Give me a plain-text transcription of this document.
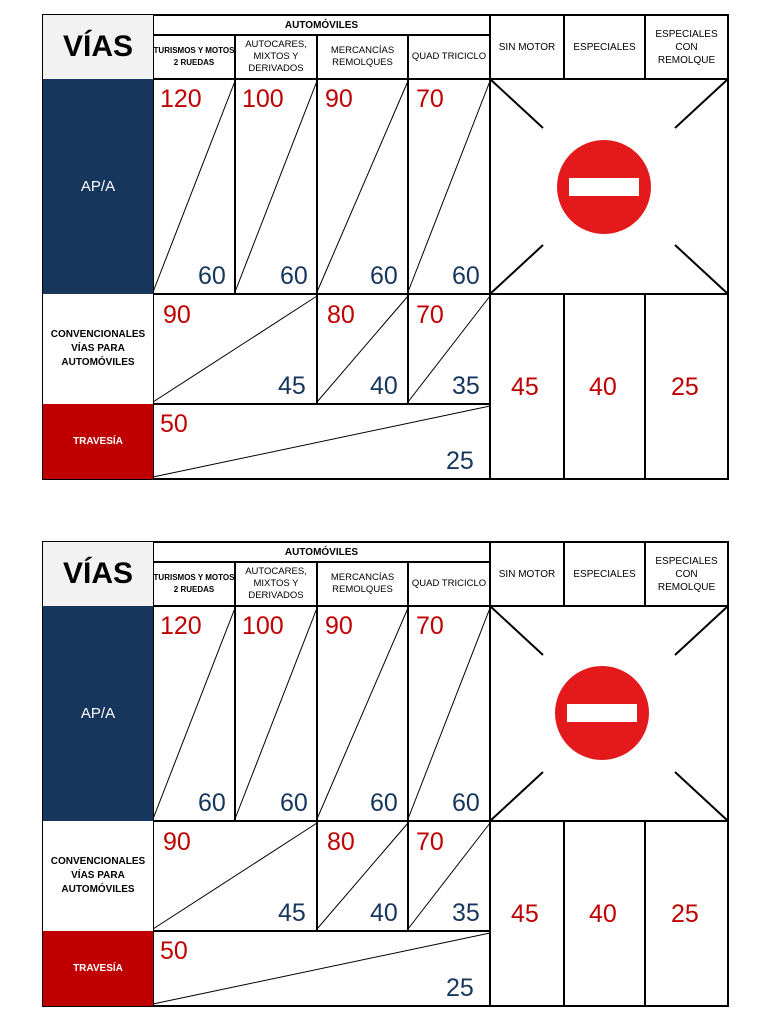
VÍAS
AUTOMÓVILES
TURISMOS Y MOTOS 2 RUEDAS
AUTOCARES, MIXTOS Y DERIVADOS
MERCANCÍAS REMOLQUES
QUAD TRICICLO
SIN MOTOR	ESPECIALES
ESPECIALES CON REMOLQUE
AP/A
CONVENCIONALES VÍAS PARA AUTOMÓVILES
TRAVESÍA
120
60
100
60
90
60
70
60
90
45
80
40
70
35
50
25
45 40 25
VÍAS
AUTOMÓVILES
TURISMOS Y MOTOS 2 RUEDAS
AUTOCARES, MIXTOS Y DERIVADOS
MERCANCÍAS REMOLQUES
QUAD TRICICLO
SIN MOTOR	ESPECIALES
ESPECIALES CON REMOLQUE
AP/A
CONVENCIONALES VÍAS PARA AUTOMÓVILES
TRAVESÍA
120
60
100
60
90
60
70
60
90
45
80
40
70
35
50
25
45 40 25
